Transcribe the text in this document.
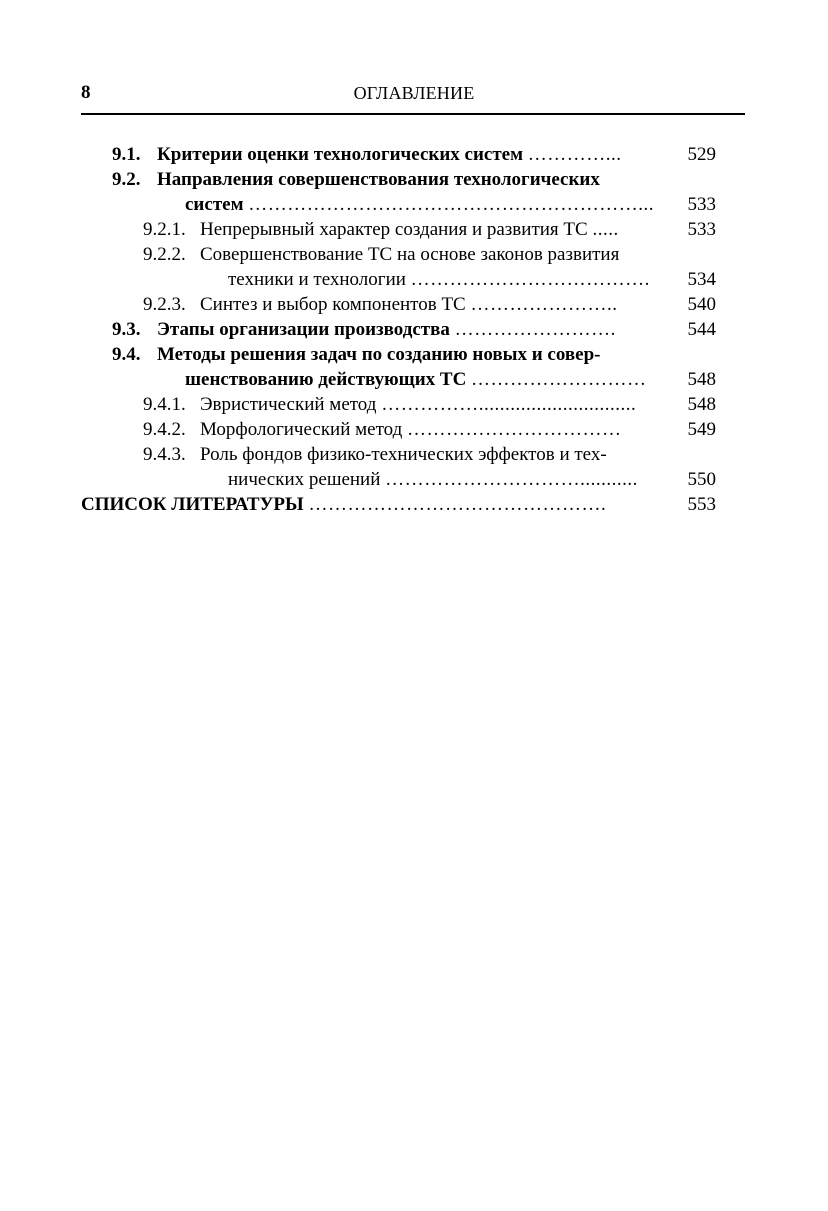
8	ОГЛАВЛЕНИЕ
9.1. Критерии оценки технологических систем …………...	529
9.2. Направления совершенствования технологических
систем ……………………………………………………... 533
9.2.1. Непрерывный характер создания и развития ТС .....	533
9.2.2. Совершенствование ТС на основе законов развития
техники и технологии ………………………………. 534
9.2.3. Синтез и выбор компонентов ТС …………………..	540
9.3. Этапы организации производства …………………….	544
9.4. Методы решения задач по созданию новых и совер-
шенствованию действующих ТС ……………………… 548
9.4.1. Эвристический метод ……………..............................	548
9.4.2. Морфологический метод ……………………………	549
9.4.3. Роль фондов физико-технических эффектов и тех-
нических решений …………………………...........	550
СПИСОК ЛИТЕРАТУРЫ ……………………………………….	553
